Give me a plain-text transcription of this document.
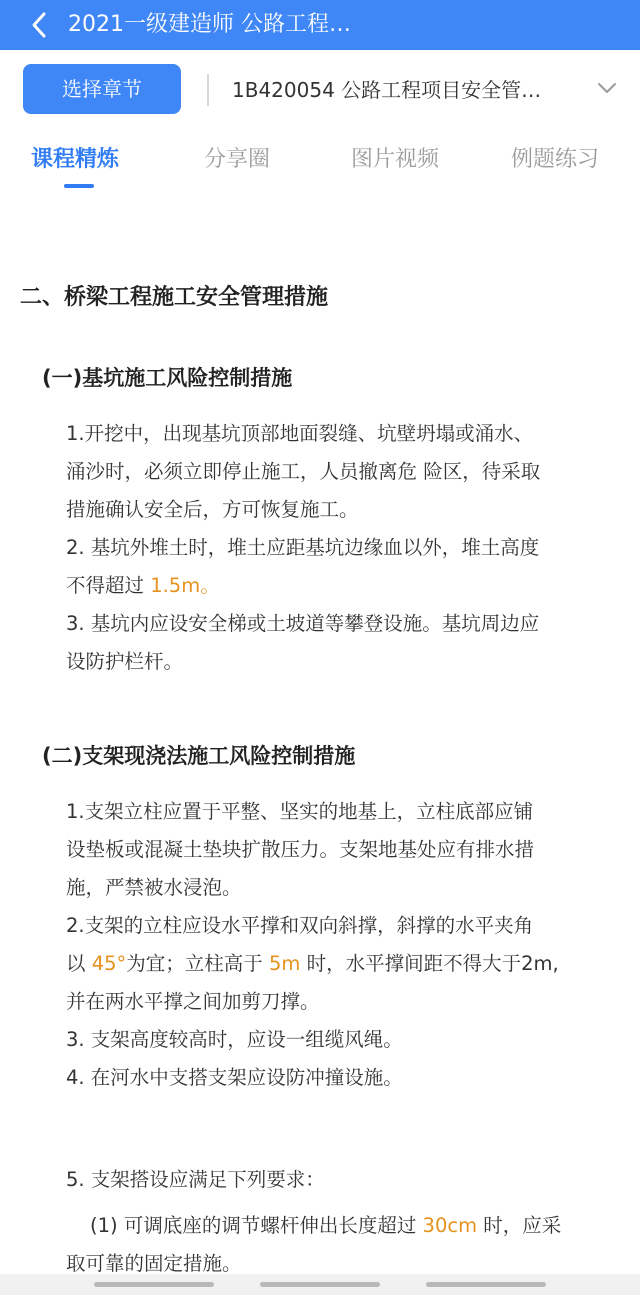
2021一级建造师 公路工程…
选择章节	1B420054 公路工程项目安全管…
课程精炼	分享圈	图片视频	例题练习
二、桥梁工程施工安全管理措施
(一)基坑施工风险控制措施
1.开挖中，出现基坑顶部地面裂缝、坑壁坍塌或涌水、
涌沙时，必须立即停止施工，人员撤离危 险区，待采取
措施确认安全后，方可恢复施工。
2. 基坑外堆土时，堆土应距基坑边缘血以外，堆土高度
不得超过 1.5m。
3. 基坑内应设安全梯或土坡道等攀登设施。基坑周边应
设防护栏杆。
(二)支架现浇法施工风险控制措施
1.支架立柱应置于平整、坚实的地基上，立柱底部应铺
设垫板或混凝土垫块扩散压力。支架地基处应有排水措
施，严禁被水浸泡。
2.支架的立柱应设水平撑和双向斜撑，斜撑的水平夹角
以 45°为宜；立柱高于 5m 时，水平撑间距不得大于2m,
并在两水平撑之间加剪刀撑。
3. 支架高度较高时，应设一组缆风绳。
4. 在河水中支搭支架应设防冲撞设施。
5. 支架搭设应满足下列要求：
(1) 可调底座的调节螺杆伸出长度超过 30cm 时，应采
取可靠的固定措施。
